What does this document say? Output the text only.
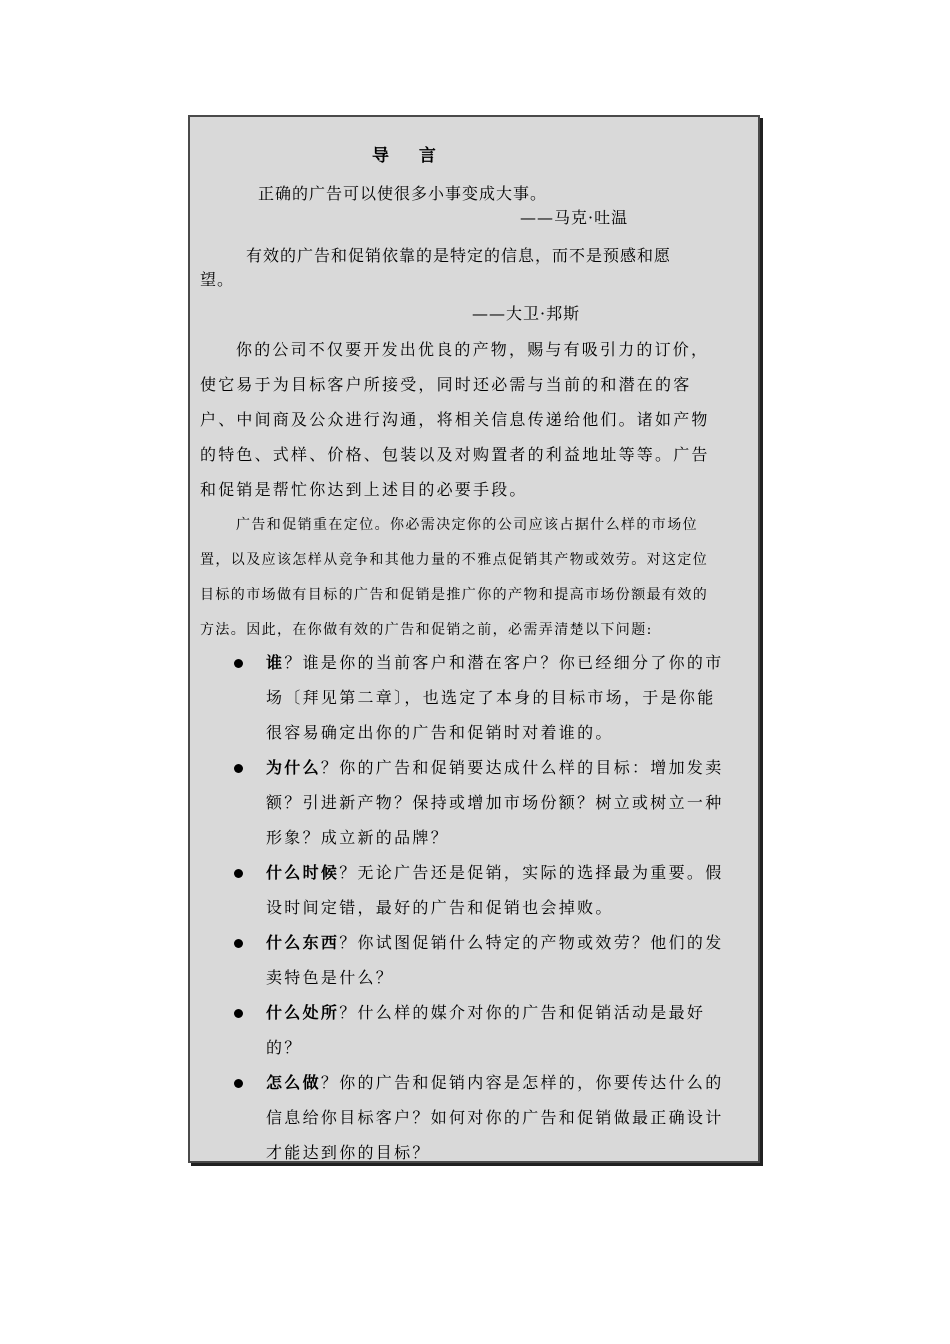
导 言
正确的广告可以使很多小事变成大事。
——马克·吐温
有效的广告和促销依靠的是特定的信息，而不是预感和愿
望。
——大卫·邦斯
你的公司不仅要开发出优良的产物，赐与有吸引力的订价，
使它易于为目标客户所接受，同时还必需与当前的和潜在的客
户、中间商及公众进行沟通，将相关信息传递给他们。诸如产物
的特色、式样、价格、包装以及对购置者的利益地址等等。广告
和促销是帮忙你达到上述目的必要手段。
广告和促销重在定位。你必需决定你的公司应该占据什么样的市场位
置，以及应该怎样从竞争和其他力量的不雅点促销其产物或效劳。对这定位
目标的市场做有目标的广告和促销是推广你的产物和提高市场份额最有效的
方法。因此，在你做有效的广告和促销之前，必需弄清楚以下问题:
谁？谁是你的当前客户和潜在客户？你已经细分了你的市
场〔拜见第二章〕，也选定了本身的目标市场，于是你能
很容易确定出你的广告和促销时对着谁的。
为什么？你的广告和促销要达成什么样的目标：增加发卖
额？引进新产物？保持或增加市场份额？树立或树立一种
形象？成立新的品牌？
什么时候？无论广告还是促销，实际的选择最为重要。假
设时间定错，最好的广告和促销也会掉败。
什么东西？你试图促销什么特定的产物或效劳？他们的发
卖特色是什么？
什么处所？什么样的媒介对你的广告和促销活动是最好
的？
怎么做？你的广告和促销内容是怎样的，你要传达什么的
信息给你目标客户？如何对你的广告和促销做最正确设计
才能达到你的目标？
